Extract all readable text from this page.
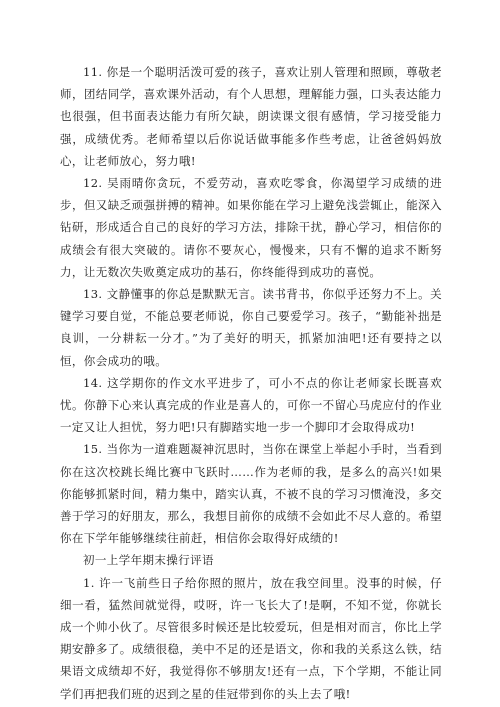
11. 你是一个聪明活泼可爱的孩子，喜欢让别人管理和照顾，尊敬老师，团结同学，喜欢课外活动，有个人思想，理解能力强，口头表达能力也很强，但书面表达能力有所欠缺，朗读课文很有感情，学习接受能力强，成绩优秀。老师希望以后你说话做事能多作些考虑，让爸爸妈妈放心，让老师放心，努力哦!

12. 吴雨晴你贪玩，不爱劳动，喜欢吃零食，你渴望学习成绩的进步，但又缺乏顽强拼搏的精神。如果你能在学习上避免浅尝辄止，能深入钻研，形成适合自己的良好的学习方法，排除干扰，静心学习，相信你的成绩会有很大突破的。请你不要灰心，慢慢来，只有不懈的追求不断努力，让无数次失败奠定成功的基石，你终能得到成功的喜悦。

13. 文静懂事的你总是默默无言。读书背书，你似乎还努力不上。关键学习要自觉，不能总要老师说，你自己要爱学习。孩子，“勤能补拙是良训，一分耕耘一分才。”为了美好的明天，抓紧加油吧!还有要持之以恒，你会成功的哦。

14. 这学期你的作文水平进步了，可小不点的你让老师家长既喜欢忧。你静下心来认真完成的作业是喜人的，可你一不留心马虎应付的作业一定又让人担忧，努力吧!只有脚踏实地一步一个脚印才会取得成功!

15. 当你为一道难题凝神沉思时，当你在课堂上举起小手时，当看到你在这次校跳长绳比赛中飞跃时……作为老师的我，是多么的高兴!如果你能够抓紧时间，精力集中，踏实认真，不被不良的学习习惯淹没，多交善于学习的好朋友，那么，我想目前你的成绩不会如此不尽人意的。希望你在下学年能够继续往前赶，相信你会取得好成绩的!

初一上学年期末操行评语

1. 许一飞前些日子给你照的照片，放在我空间里。没事的时候，仔细一看，猛然间就觉得，哎呀，许一飞长大了!是啊，不知不觉，你就长成一个帅小伙了。尽管很多时候还是比较爱玩，但是相对而言，你比上学期安静多了。成绩很稳，美中不足的还是语文，你和我的关系这么铁，结果语文成绩却不好，我觉得你不够朋友!还有一点，下个学期，不能让同学们再把我们班的迟到之星的佳冠带到你的头上去了哦!
